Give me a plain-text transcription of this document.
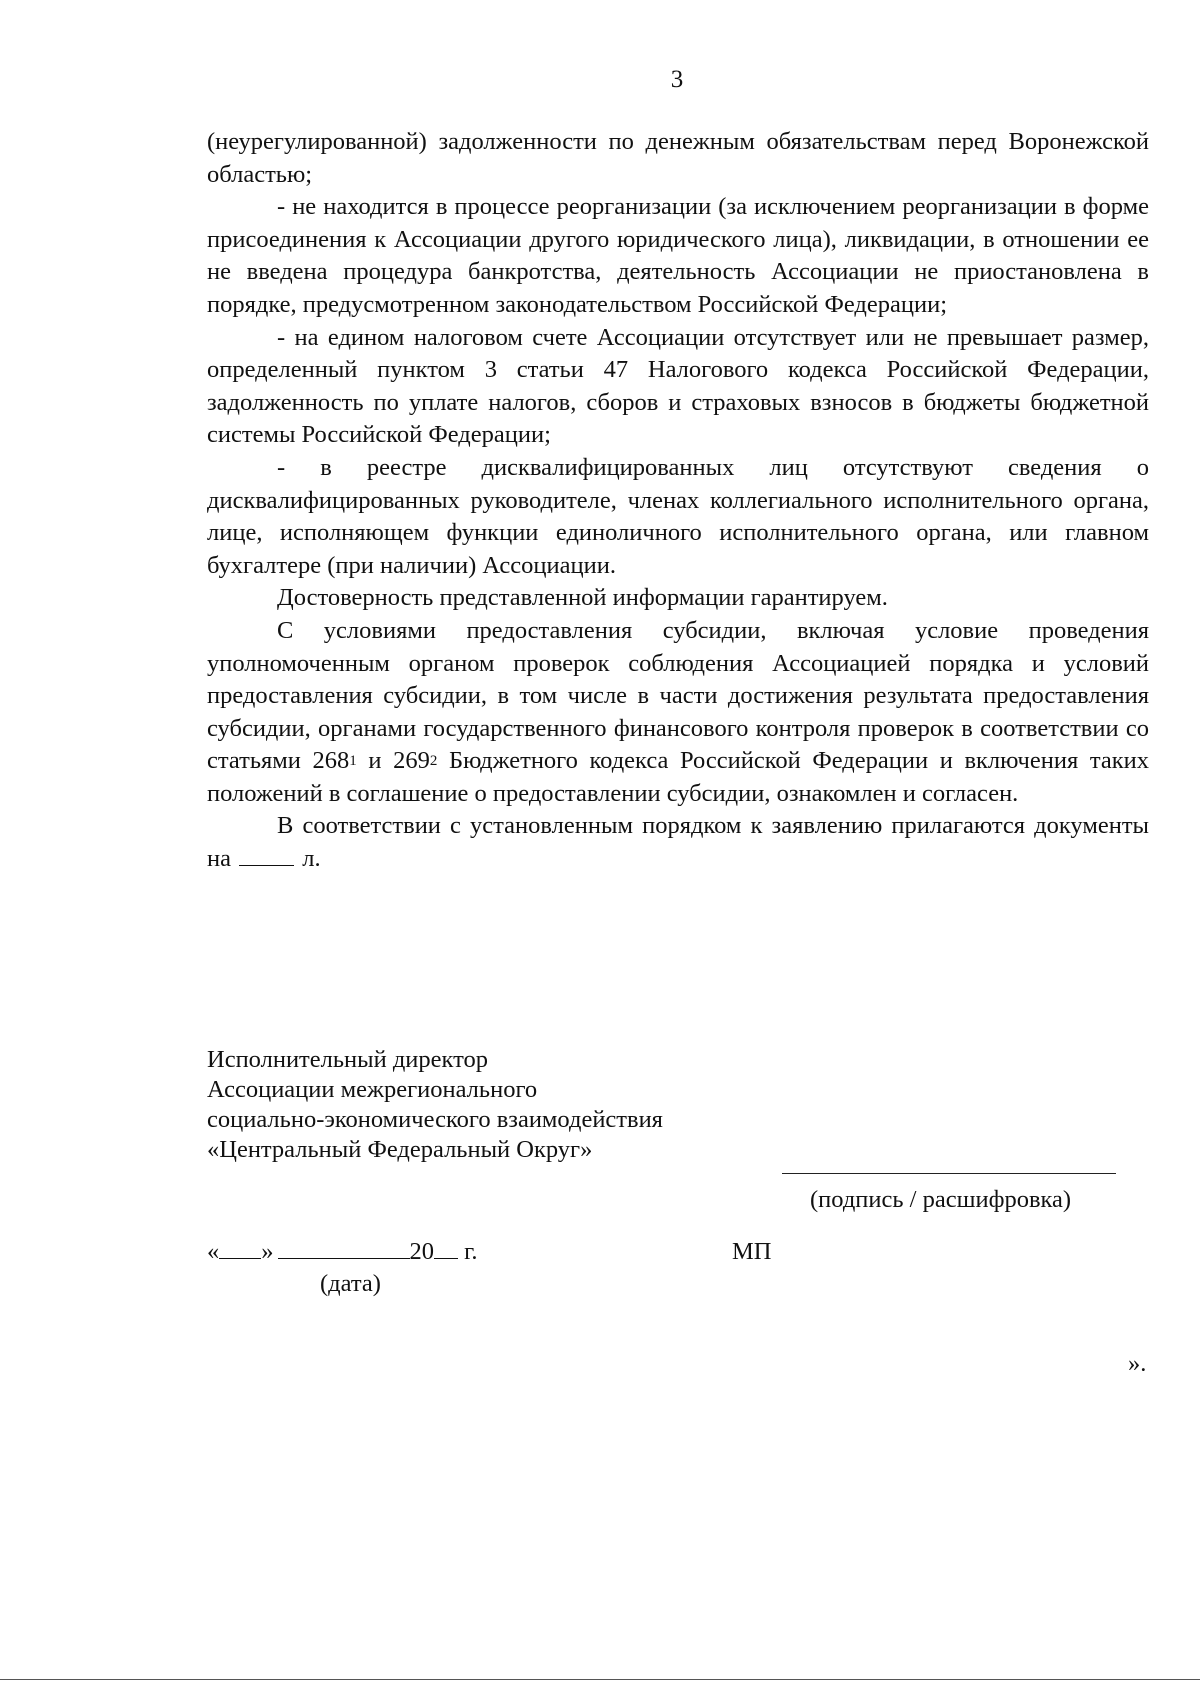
3

(неурегулированной) задолженности по денежным обязательствам перед Воронежской областью;

- не находится в процессе реорганизации (за исключением реорганизации в форме присоединения к Ассоциации другого юридического лица), ликвидации, в отношении ее не введена процедура банкротства, деятельность Ассоциации не приостановлена в порядке, предусмотренном законодательством Российской Федерации;

- на едином налоговом счете Ассоциации отсутствует или не превышает размер, определенный пунктом 3 статьи 47 Налогового кодекса Российской Федерации, задолженность по уплате налогов, сборов и страховых взносов в бюджеты бюджетной системы Российской Федерации;

- в реестре дисквалифицированных лиц отсутствуют сведения о дисквалифицированных руководителе, членах коллегиального исполнительного органа, лице, исполняющем функции единоличного исполнительного органа, или главном бухгалтере (при наличии) Ассоциации.

Достоверность представленной информации гарантируем.

С условиями предоставления субсидии, включая условие проведения уполномоченным органом проверок соблюдения Ассоциацией порядка и условий предоставления субсидии, в том числе в части достижения результата предоставления субсидии, органами государственного финансового контроля проверок в соответствии со статьями $268^1$ и $269^2$ Бюджетного кодекса Российской Федерации и включения таких положений в соглашение о предоставлении субсидии, ознакомлен и согласен.

В соответствии с установленным порядком к заявлению прилагаются документы на	л.

Исполнительный директор
Ассоциации межрегионального
социально-экономического взаимодействия
«Центральный Федеральный Округ»
(подпись / расшифровка)
« »	20 г.
(дата)
МП
».
